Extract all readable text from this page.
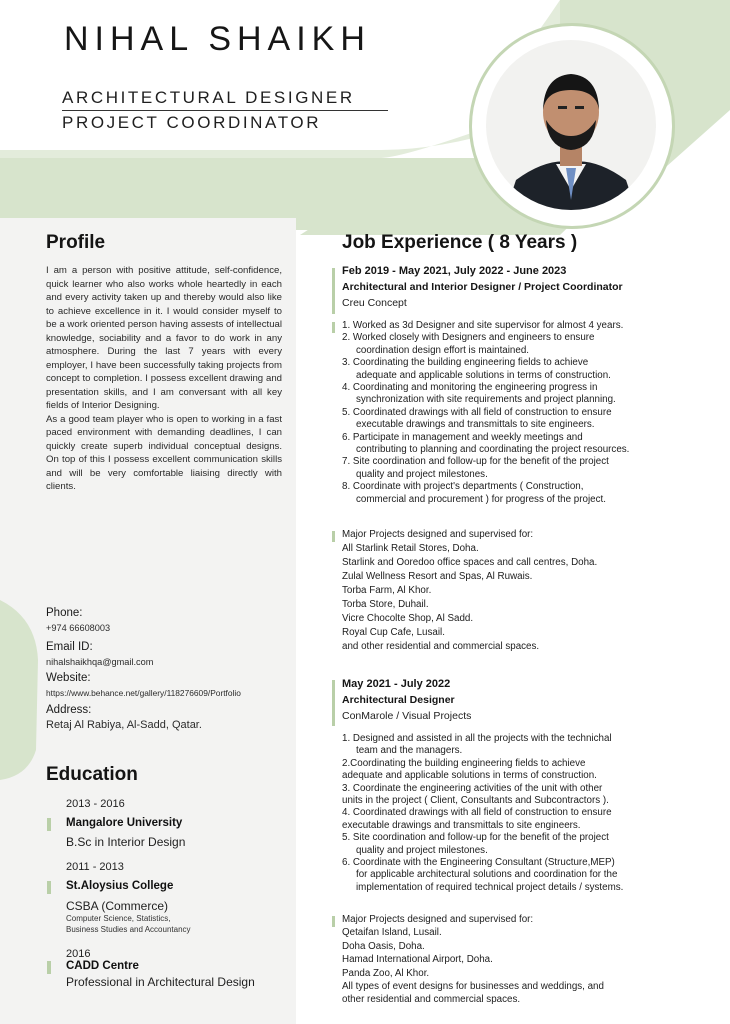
NIHAL SHAIKH
ARCHITECTURAL DESIGNER
PROJECT COORDINATOR
Profile

I am a person with positive attitude, self-confidence, quick learner who also works whole heartedly in each and every activity taken up and thereby would also like to achieve excellence in it. I would consider myself to be a work oriented person having assests of intellectual knowledge, sociability and a favor to do work in any atmosphere. During the last 7 years with every employer, I have been successfully taking projects from concept to completion. I possess excellent drawing and presentation skills, and I am conversant with all key fields of Interior Designing.

As a good team player who is open to working in a fast paced environment with demanding deadlines, I can quickly create superb individual conceptual designs. On top of this I possess excellent communication skills and will be very comfortable liaising directly with clients.

Phone:
+974 66608003
Email ID:
nihalshaikhqa@gmail.com
Website:
https://www.behance.net/gallery/118276609/Portfolio
Address:
Retaj Al Rabiya, Al-Sadd, Qatar.
Education
2013 - 2016
Mangalore University
B.Sc in Interior Design
2011 - 2013
St.Aloysius College
CSBA (Commerce)
Computer Science, Statistics,
Business Studies and Accountancy
2016
CADD Centre
Professional in Architectural Design
Job Experience ( 8 Years )
Feb 2019 - May 2021, July 2022 - June 2023
Architectural and Interior Designer / Project Coordinator
Creu Concept
1. Worked as 3d Designer and site supervisor for almost 4 years.
2. Worked closely with Designers and engineers to ensure
coordination design effort is maintained.
3. Coordinating the building engineering fields to achieve
adequate and applicable solutions in terms of construction.
4. Coordinating and monitoring the engineering progress in
synchronization with site requirements and project planning.
5. Coordinated drawings with all field of construction to ensure
executable drawings and transmittals to site engineers.
6. Participate in management and weekly meetings and
contributing to planning and coordinating the project resources.
7. Site coordination and follow-up for the benefit of the project
quality and project milestones.
8. Coordinate with project's departments ( Construction,
commercial and procurement ) for progress of the project.
Major Projects designed and supervised for:
All Starlink Retail Stores, Doha.
Starlink and Ooredoo office spaces and call centres, Doha.
Zulal Wellness Resort and Spas, Al Ruwais.
Torba Farm, Al Khor.
Torba Store, Duhail.
Vicre Chocolte Shop, Al Sadd.
Royal Cup Cafe, Lusail.
and other residential and commercial spaces.
May 2021 - July 2022
Architectural Designer
ConMarole / Visual Projects
1. Designed and assisted in all the projects with the technichal
team and the managers.
2.Coordinating the building engineering fields to achieve
adequate and applicable solutions in terms of construction.
3. Coordinate the engineering activities of the unit with other
units in the project ( Client, Consultants and Subcontractors ).
4. Coordinated drawings with all field of construction to ensure
executable drawings and transmittals to site engineers.
5. Site coordination and follow-up for the benefit of the project
quality and project milestones.
6. Coordinate with the Engineering Consultant (Structure,MEP)
for applicable architectural solutions and coordination for the
implementation of required technical project details / systems.
Major Projects designed and supervised for:
Qetaifan Island, Lusail.
Doha Oasis, Doha.
Hamad International Airport, Doha.
Panda Zoo, Al Khor.
All types of event designs for businesses and weddings, and
other residential and commercial spaces.
